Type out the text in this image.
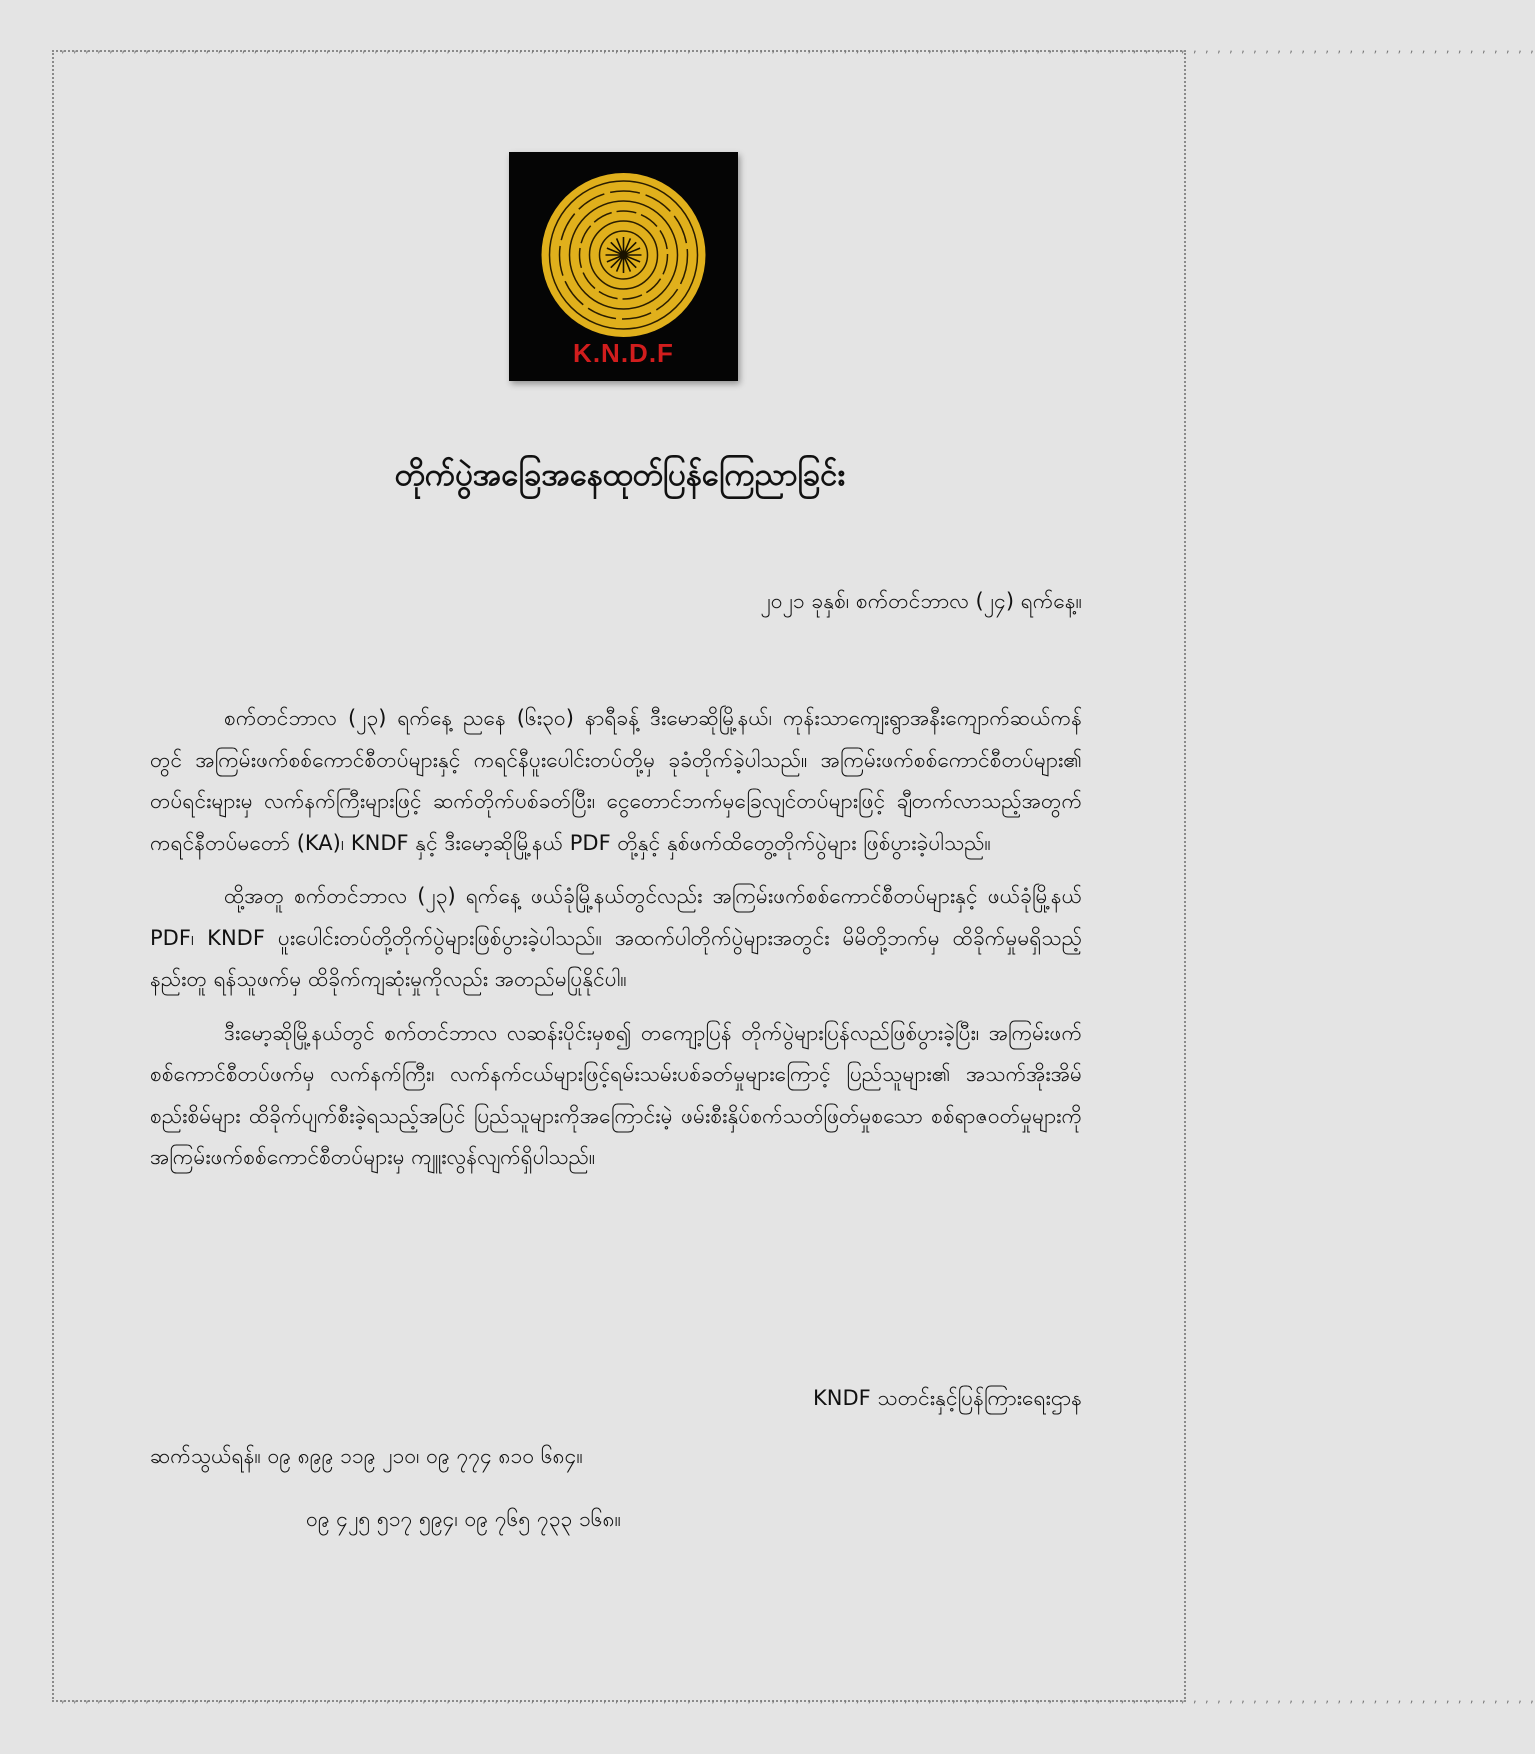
, , , , , , , , , , , , , , , , , , , , , , , , , , , , , , , , , , , , , , , , , , , , , , , , , , , , , , , , , , , , , , , , , , , , , , , , , , , , , , , , , , , , , , , , , , , , , , , , , , , , , , , , , , , , , , , , , , , , , , , , , , ,
, , , , , , , , , , , , , , , , , , , , , , , , , , , , , , , , , , , , , , , , , , , , , , , , , , , , , , , , , , , , , , , , , , , , , , , , , , , , , , , , , , , , , , , , , , , , , , , , , , , , , , , , , , , , , , , , , , , , , , , , , , ,
K.N.D.F
တိုက်ပွဲအခြေအနေထုတ်ပြန်ကြေညာခြင်း
၂၀၂၁ ခုနှစ်၊ စက်တင်ဘာလ (၂၄) ရက်နေ့။

စက်တင်ဘာလ (၂၃) ရက်နေ့ ညနေ (၆း၃၀) နာရီခန့် ဒီးမောဆိုမြို့နယ်၊ ကုန်းသာကျေးရွာအနီးကျောက်ဆယ်ကန်တွင် အကြမ်းဖက်စစ်ကောင်စီတပ်များနှင့် ကရင်နီပူးပေါင်းတပ်တို့မှ ခုခံတိုက်ခဲ့ပါသည်။ အကြမ်းဖက်စစ်ကောင်စီတပ်များ၏ တပ်ရင်းများမှ လက်နက်ကြီးများဖြင့် ဆက်တိုက်ပစ်ခတ်ပြီး၊ ငွေတောင်ဘက်မှခြေလျင်တပ်များဖြင့် ချီတက်လာသည့်အတွက် ကရင်နီတပ်မတော် (KA)၊ KNDF နှင့် ဒီးမော့ဆိုမြို့နယ် PDF တို့နှင့် နှစ်ဖက်ထိတွေ့တိုက်ပွဲများ ဖြစ်ပွားခဲ့ပါသည်။

ထို့အတူ စက်တင်ဘာလ (၂၃) ရက်နေ့ ဖယ်ခုံမြို့နယ်တွင်လည်း အကြမ်းဖက်စစ်ကောင်စီတပ်များနှင့် ဖယ်ခုံမြို့နယ် PDF၊ KNDF ပူးပေါင်းတပ်တို့တိုက်ပွဲများဖြစ်ပွားခဲ့ပါသည်။ အထက်ပါတိုက်ပွဲများအတွင်း မိမိတို့ဘက်မှ ထိခိုက်မှုမရှိသည့်နည်းတူ ရန်သူဖက်မှ ထိခိုက်ကျဆုံးမှုကိုလည်း အတည်မပြုနိုင်ပါ။

ဒီးမော့ဆိုမြို့နယ်တွင် စက်တင်ဘာလ လဆန်းပိုင်းမှစ၍ တကျော့ပြန် တိုက်ပွဲများပြန်လည်ဖြစ်ပွားခဲ့ပြီး၊ အကြမ်းဖက်စစ်ကောင်စီတပ်ဖက်မှ လက်နက်ကြီး၊ လက်နက်ငယ်များဖြင့်ရမ်းသမ်းပစ်ခတ်မှုများကြောင့် ပြည်သူများ၏ အသက်အိုးအိမ်စည်းစိမ်များ ထိခိုက်ပျက်စီးခဲ့ရသည့်အပြင် ပြည်သူများကိုအကြောင်းမဲ့ ဖမ်းစီးနှိပ်စက်သတ်ဖြတ်မှုစသော စစ်ရာဇဝတ်မှုများကို အကြမ်းဖက်စစ်ကောင်စီတပ်များမှ ကျူးလွန်လျက်ရှိပါသည်။

KNDF သတင်းနှင့်ပြန်ကြားရေးဌာန
ဆက်သွယ်ရန်။ ၀၉ ၈၉၉ ၁၁၉ ၂၁၀၊ ၀၉ ၇၇၄ ၈၁၀ ၆၈၄။
၀၉ ၄၂၅ ၅၁၇ ၅၉၄၊ ၀၉ ၇၆၅ ၇၃၃ ၁၆၈။
